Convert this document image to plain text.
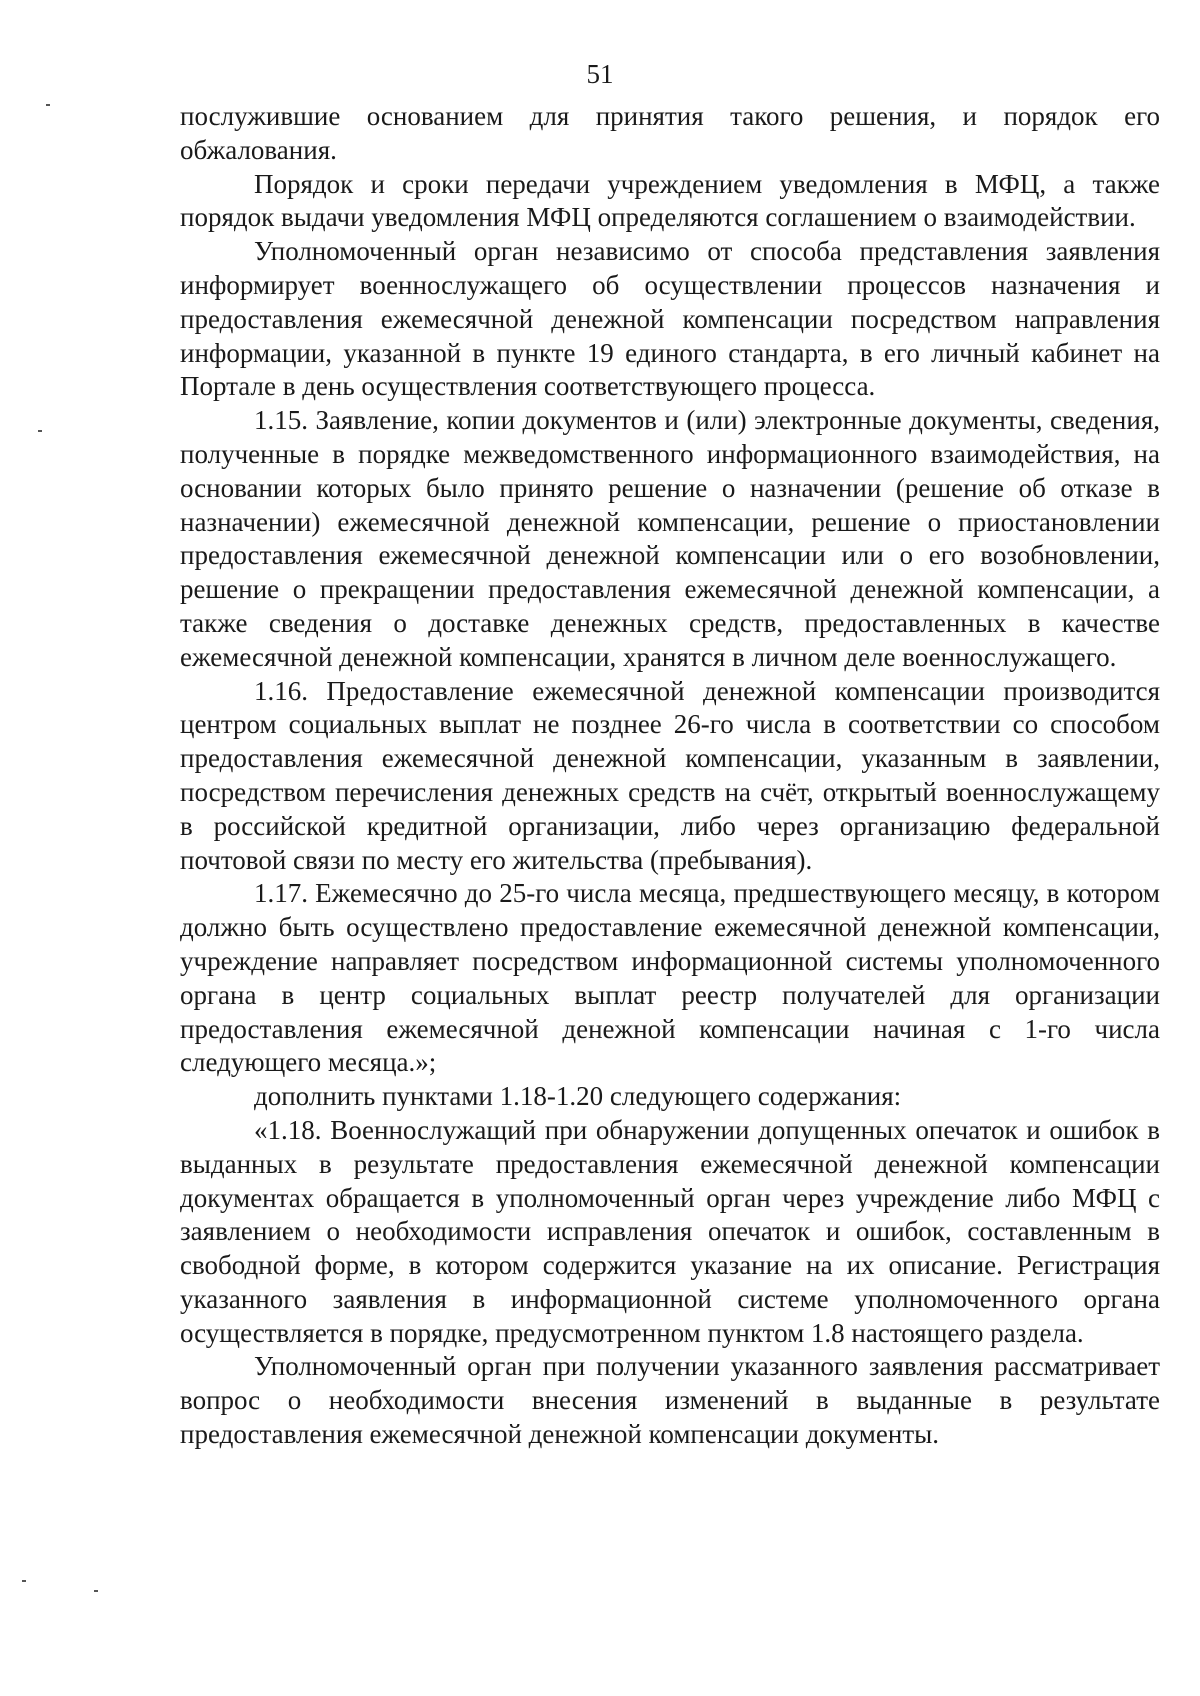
51

послужившие основанием для принятия такого решения, и порядок его обжалования.

Порядок и сроки передачи учреждением уведомления в МФЦ, а также порядок выдачи уведомления МФЦ определяются соглашением о взаимодействии.

Уполномоченный орган независимо от способа представления заявления информирует военнослужащего об осуществлении процессов назначения и предоставления ежемесячной денежной компенсации посредством направления информации, указанной в пункте 19 единого стандарта, в его личный кабинет на Портале в день осуществления соответствующего процесса.

1.15. Заявление, копии документов и (или) электронные документы, сведения, полученные в порядке межведомственного информационного взаимодействия, на основании которых было принято решение о назначении (решение об отказе в назначении) ежемесячной денежной компенсации, решение о приостановлении предоставления ежемесячной денежной компенсации или о его возобновлении, решение о прекращении предоставления ежемесячной денежной компенсации, а также сведения о доставке денежных средств, предоставленных в качестве ежемесячной денежной компенсации, хранятся в личном деле военнослужащего.

1.16. Предоставление ежемесячной денежной компенсации производится центром социальных выплат не позднее 26-го числа в соответствии со способом предоставления ежемесячной денежной компенсации, указанным в заявлении, посредством перечисления денежных средств на счёт, открытый военнослужащему в российской кредитной организации, либо через организацию федеральной почтовой связи по месту его жительства (пребывания).

1.17. Ежемесячно до 25-го числа месяца, предшествующего месяцу, в котором должно быть осуществлено предоставление ежемесячной денежной компенсации, учреждение направляет посредством информационной системы уполномоченного органа в центр социальных выплат реестр получателей для организации предоставления ежемесячной денежной компенсации начиная с 1-го числа следующего месяца.»;

дополнить пунктами 1.18-1.20 следующего содержания:

«1.18. Военнослужащий при обнаружении допущенных опечаток и ошибок в выданных в результате предоставления ежемесячной денежной компенсации документах обращается в уполномоченный орган через учреждение либо МФЦ с заявлением о необходимости исправления опечаток и ошибок, составленным в свободной форме, в котором содержится указание на их описание. Регистрация указанного заявления в информационной системе уполномоченного органа осуществляется в порядке, предусмотренном пунктом 1.8 настоящего раздела.

Уполномоченный орган при получении указанного заявления рассматривает вопрос о необходимости внесения изменений в выданные в результате предоставления ежемесячной денежной компенсации документы.
